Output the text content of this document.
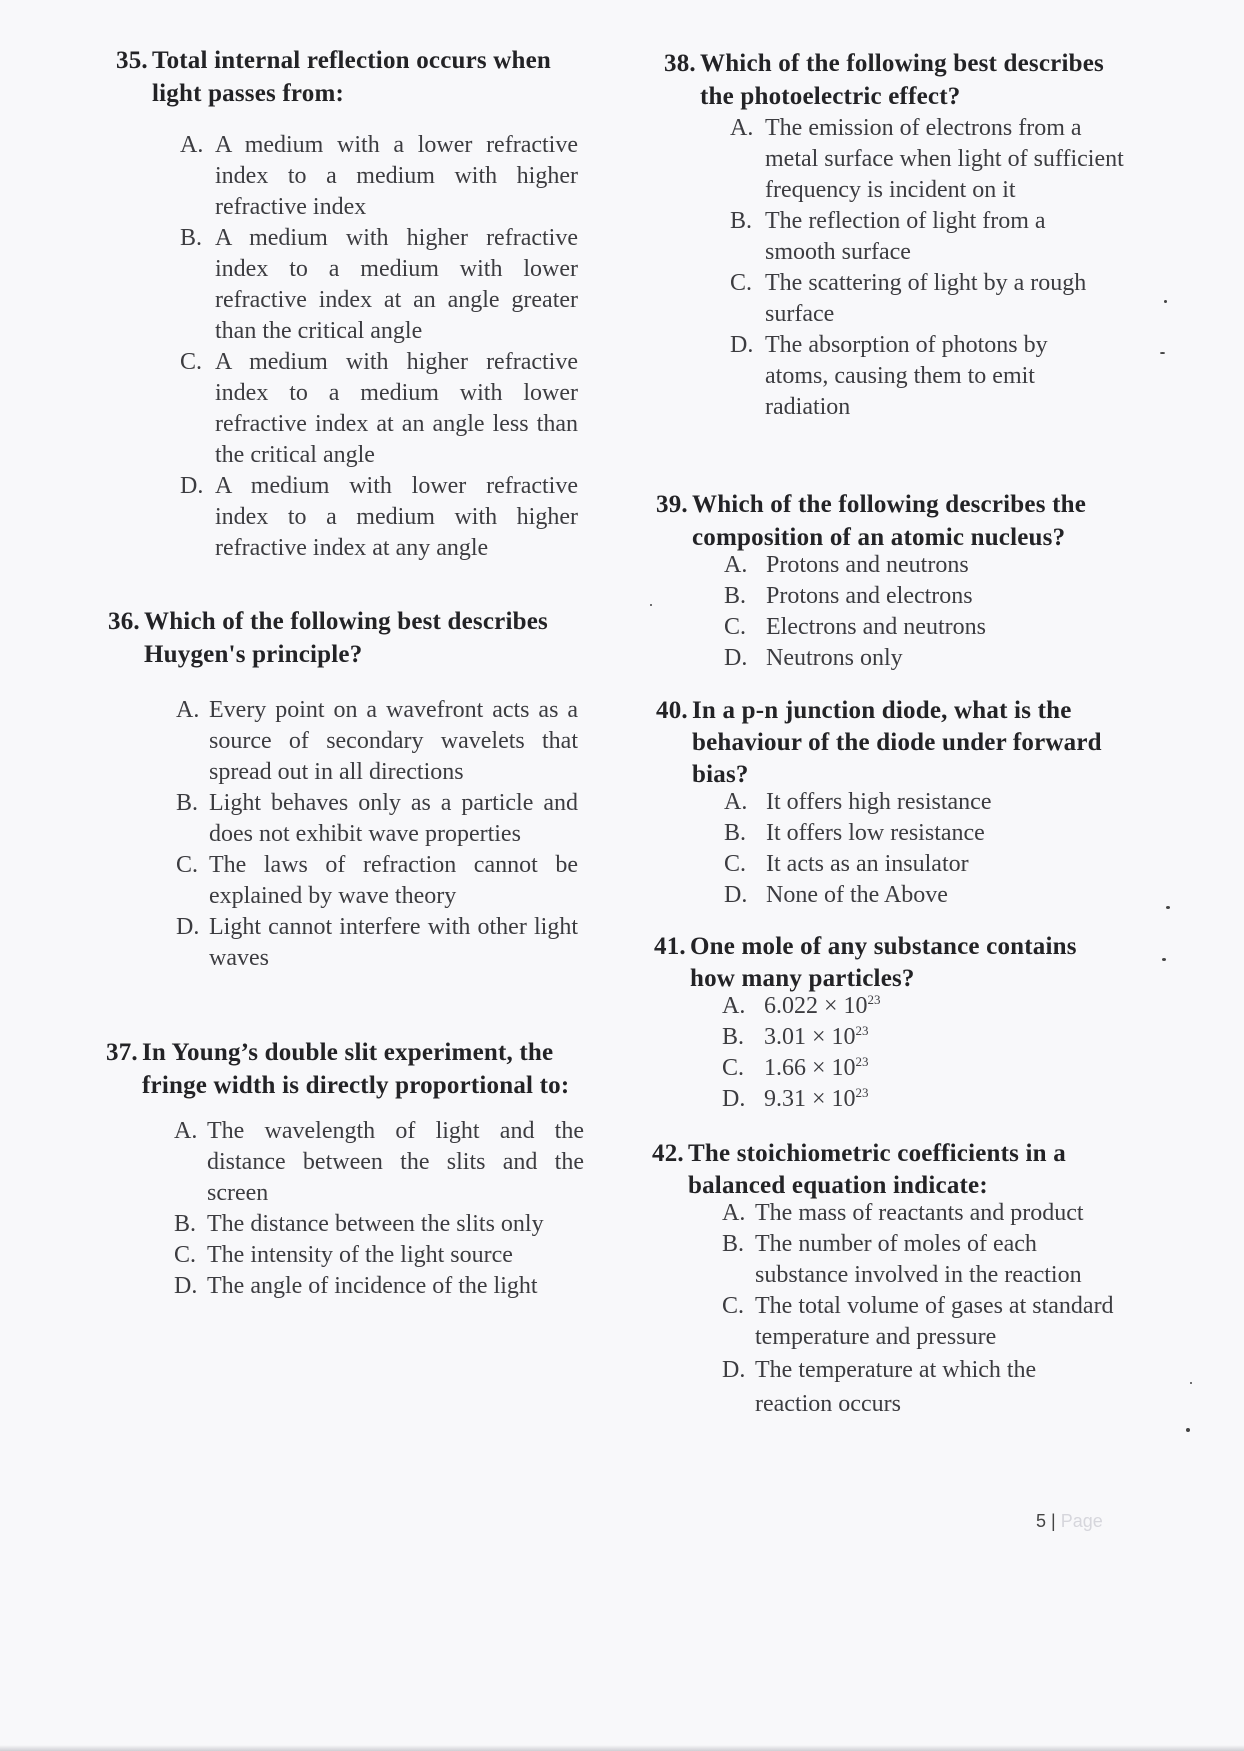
35. Total internal reflection occurs when light passes from:
A. A medium with a lower refractive index to a medium with higher refractive index
B. A medium with higher refractive index to a medium with lower refractive index at an angle greater than the critical angle
C. A medium with higher refractive index to a medium with lower refractive index at an angle less than the critical angle
D. A medium with lower refractive index to a medium with higher refractive index at any angle
36. Which of the following best describes Huygen's principle?
A. Every point on a wavefront acts as a source of secondary wavelets that spread out in all directions
B. Light behaves only as a particle and does not exhibit wave properties
C. The laws of refraction cannot be explained by wave theory
D. Light cannot interfere with other light waves
37. In Young’s double slit experiment, the fringe width is directly proportional to:
A. The wavelength of light and the distance between the slits and the screen
B. The distance between the slits only
C. The intensity of the light source
D. The angle of incidence of the light
38. Which of the following best describes the photoelectric effect?
A. The emission of electrons from a metal surface when light of sufficient frequency is incident on it
B. The reflection of light from a smooth surface
C. The scattering of light by a rough surface
D. The absorption of photons by atoms, causing them to emit radiation
39. Which of the following describes the composition of an atomic nucleus?
A. Protons and neutrons
B. Protons and electrons
C. Electrons and neutrons
D. Neutrons only
40. In a p-n junction diode, what is the behaviour of the diode under forward bias?
A. It offers high resistance
B. It offers low resistance
C. It acts as an insulator
D. None of the Above
41. One mole of any substance contains how many particles?
A. $6.022 \times 10^{23}$
B. $3.01 \times 10^{23}$
C. $1.66 \times 10^{23}$
D. $9.31 \times 10^{23}$
42. The stoichiometric coefficients in a balanced equation indicate:
A. The mass of reactants and product
B. The number of moles of each substance involved in the reaction
C. The total volume of gases at standard temperature and pressure
D. The temperature at which the reaction occurs
5 | Page
